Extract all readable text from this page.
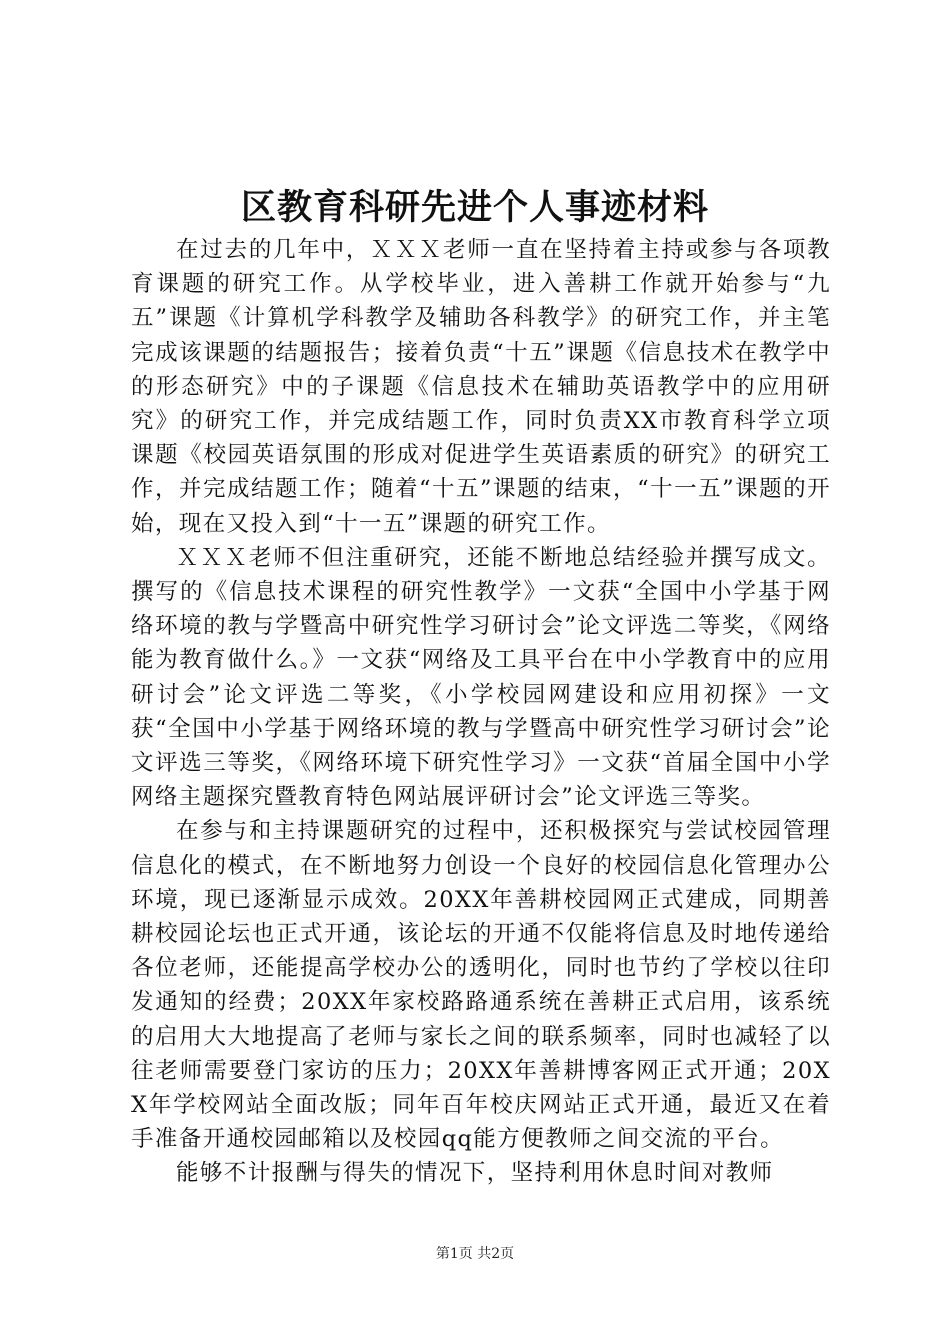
区教育科研先进个人事迹材料

在过去的几年中，ＸＸＸ老师一直在坚持着主持或参与各项教育课题的研究工作。从学校毕业，进入善耕工作就开始参与“九五”课题《计算机学科教学及辅助各科教学》的研究工作，并主笔完成该课题的结题报告；接着负责“十五”课题《信息技术在教学中的形态研究》中的子课题《信息技术在辅助英语教学中的应用研究》的研究工作，并完成结题工作，同时负责XX市教育科学立项课题《校园英语氛围的形成对促进学生英语素质的研究》的研究工作，并完成结题工作；随着“十五”课题的结束，“十一五”课题的开始，现在又投入到“十一五”课题的研究工作。

ＸＸＸ老师不但注重研究，还能不断地总结经验并撰写成文。撰写的《信息技术课程的研究性教学》一文获“全国中小学基于网络环境的教与学暨高中研究性学习研讨会”论文评选二等奖，《网络能为教育做什么。》一文获“网络及工具平台在中小学教育中的应用研讨会”论文评选二等奖，《小学校园网建设和应用初探》一文获“全国中小学基于网络环境的教与学暨高中研究性学习研讨会”论文评选三等奖，《网络环境下研究性学习》一文获“首届全国中小学网络主题探究暨教育特色网站展评研讨会”论文评选三等奖。

在参与和主持课题研究的过程中，还积极探究与尝试校园管理信息化的模式，在不断地努力创设一个良好的校园信息化管理办公环境，现已逐渐显示成效。20XX年善耕校园网正式建成，同期善耕校园论坛也正式开通，该论坛的开通不仅能将信息及时地传递给各位老师，还能提高学校办公的透明化，同时也节约了学校以往印发通知的经费；20XX年家校路路通系统在善耕正式启用，该系统的启用大大地提高了老师与家长之间的联系频率，同时也减轻了以往老师需要登门家访的压力；20XX年善耕博客网正式开通；20XX年学校网站全面改版；同年百年校庆网站正式开通，最近又在着手准备开通校园邮箱以及校园qq能方便教师之间交流的平台。

能够不计报酬与得失的情况下，坚持利用休息时间对教师

第1页 共2页
